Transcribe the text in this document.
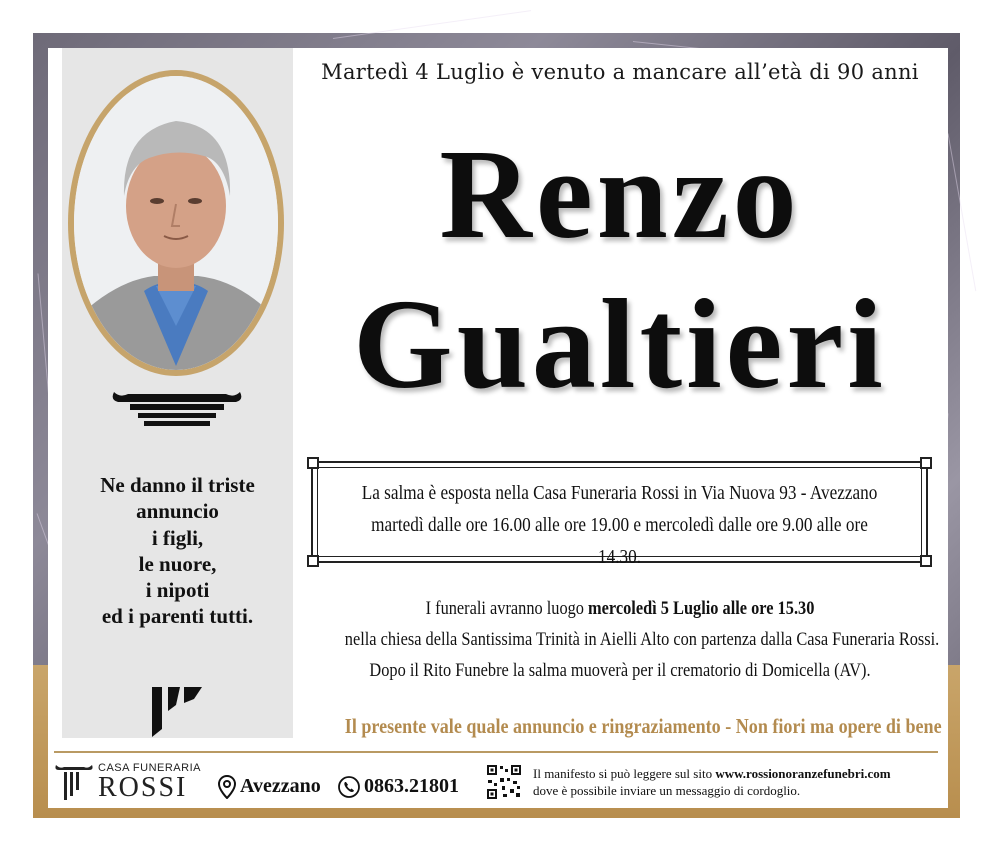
Martedì 4 Luglio è venuto a mancare all’età di 90 anni
Renzo
Gualtieri
Ne danno il triste
annuncio
i figli,
le nuore,
i nipoti
ed i parenti tutti.
La salma è esposta nella Casa Funeraria Rossi in Via Nuova 93 - Avezzano
martedì dalle ore 16.00 alle ore 19.00 e mercoledì dalle ore 9.00 alle ore 14.30.
I funerali avranno luogo mercoledì 5 Luglio alle ore 15.30
nella chiesa della Santissima Trinità in Aielli Alto con partenza dalla Casa Funeraria Rossi.
Dopo il Rito Funebre la salma muoverà per il crematorio di Domicella (AV).
Il presente vale quale annuncio e ringraziamento - Non fiori ma opere di bene
CASA FUNERARIA
ROSSI	Avezzano 0863.21801
Il manifesto si può leggere sul sito www.rossionoranzefunebri.com
dove è possibile inviare un messaggio di cordoglio.
